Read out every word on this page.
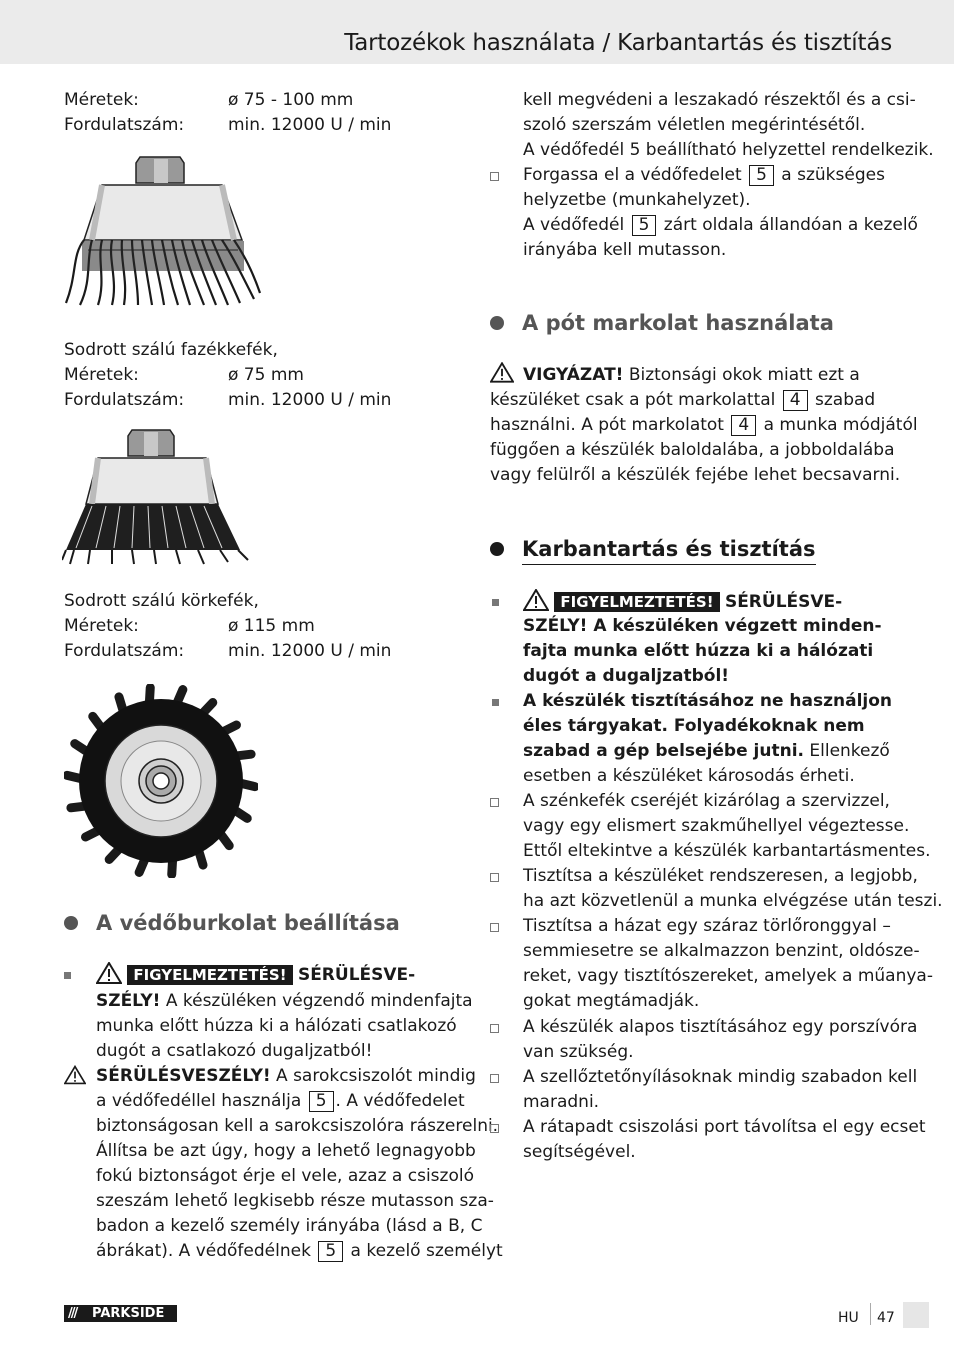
Tartozékok használata / Karbantartás és tisztítás
Méretek:	ø 75 - 100 mm
Fordulatszám:	min. 12000 U / min
Sodrott szálú fazékkefék,
Méretek:	ø 75 mm
Fordulatszám:	min. 12000 U / min
Sodrott szálú körkefék,
Méretek:	ø 115 mm
Fordulatszám:	min. 12000 U / min
A védőburkolat beállítása
FIGYELMEZTETÉS! SÉRÜLÉSVE-
SZÉLY! A készüléken végzendő mindenfajta
munka előtt húzza ki a hálózati csatlakozó
dugót a csatlakozó dugaljzatból!
SÉRÜLÉSVESZÉLY! A sarokcsiszolót mindig
a védőfedéllel használja 5 . A védőfedelet
biztonságosan kell a sarokcsiszolóra rászerelni.
Állítsa be azt úgy, hogy a lehető legnagyobb
fokú biztonságot érje el vele, azaz a csiszoló
szeszám lehető legkisebb része mutasson sza-
badon a kezelő személy irányába (lásd a B, C
ábrákat). A védőfedélnek 5 a kezelő személyt
kell megvédeni a leszakadó részektől és a csi-
szoló szerszám véletlen megérintésétől.
A védőfedél 5 beállítható helyzettel rendelkezik.
Forgassa el a védőfedelet 5 a szükséges
helyzetbe (munkahelyzet).
A védőfedél 5 zárt oldala állandóan a kezelő
irányába kell mutasson.
A pót markolat használata
VIGYÁZAT! Biztonsági okok miatt ezt a
készüléket csak a pót markolattal 4 szabad
használni. A pót markolatot 4 a munka módjától
függően a készülék baloldalába, a jobboldalába
vagy felülről a készülék fejébe lehet becsavarni.
Karbantartás és tisztítás
FIGYELMEZTETÉS! SÉRÜLÉSVE-
SZÉLY! A készüléken végzett minden-
fajta munka előtt húzza ki a hálózati
dugót a dugaljzatból!
A készülék tisztításához ne használjon
éles tárgyakat. Folyadékoknak nem
szabad a gép belsejébe jutni. Ellenkező
esetben a készüléket károsodás érheti.
A szénkefék cseréjét kizárólag a szervizzel,
vagy egy elismert szakműhellyel végeztesse.
Ettől eltekintve a készülék karbantartásmentes.
Tisztítsa a készüléket rendszeresen, a legjobb,
ha azt közvetlenül a munka elvégzése után teszi.
Tisztítsa a házat egy száraz törlőronggyal –
semmiesetre se alkalmazzon benzint, oldósze-
reket, vagy tisztítószereket, amelyek a műanya-
gokat megtámadják.
A készülék alapos tisztításához egy porszívóra
van szükség.
A szellőztetőnyílásoknak mindig szabadon kell
maradni.
A rátapadt csiszolási port távolítsa el egy ecset
segítségével.
/// PARKSIDE	HU 47
